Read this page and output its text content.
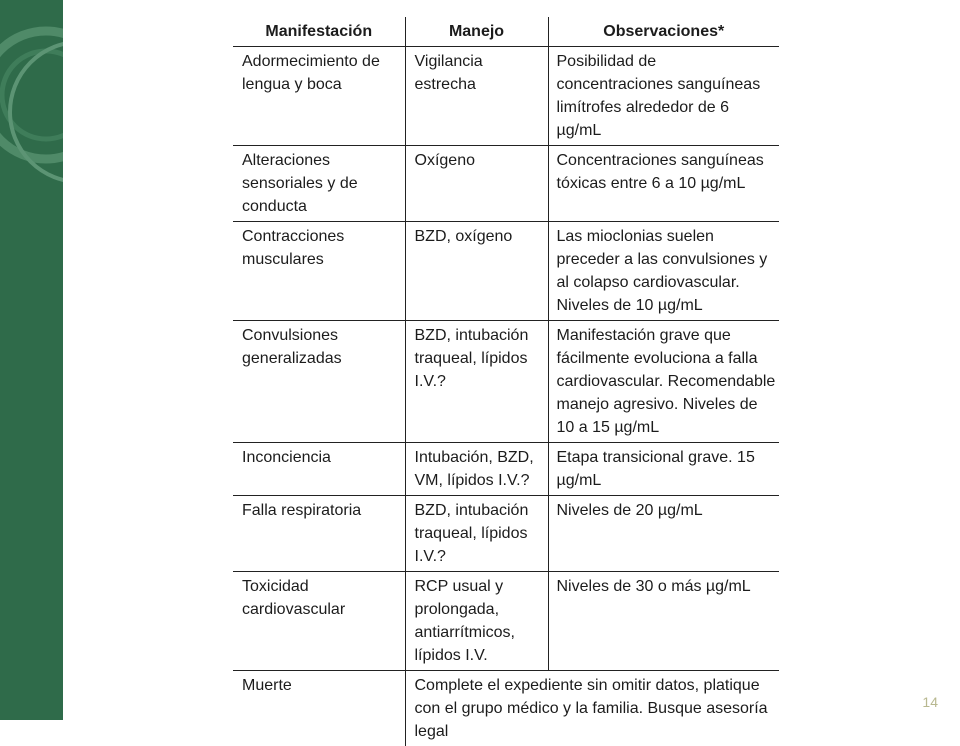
Manifestación	Manejo	Observaciones*
Adormecimiento de lengua y boca	Vigilancia estrecha	Posibilidad de concentraciones sanguíneas limítrofes alrededor de 6 µg/mL
Alteraciones sensoriales y de conducta	Oxígeno	Concentraciones sanguíneas tóxicas entre 6 a 10 µg/mL
Contracciones musculares	BZD, oxígeno	Las mioclonias suelen preceder a las convulsiones y al colapso cardiovascular. Niveles de 10 µg/mL
Convulsiones generalizadas	BZD, intubación traqueal, lípidos I.V.?	Manifestación grave que fácilmente evoluciona a falla cardiovascular. Recomendable manejo agresivo. Niveles de 10 a 15 µg/mL
Inconciencia	Intubación, BZD, VM, lípidos I.V.?	Etapa transicional grave. 15 µg/mL
Falla respiratoria	BZD, intubación traqueal, lípidos I.V.?	Niveles de 20 µg/mL
Toxicidad cardiovascular	RCP usual y prolongada, antiarrítmicos, lípidos I.V.	Niveles de 30 o más µg/mL
Muerte	Complete el expediente sin omitir datos, platique con el grupo médico y la familia. Busque asesoría legal	
14
